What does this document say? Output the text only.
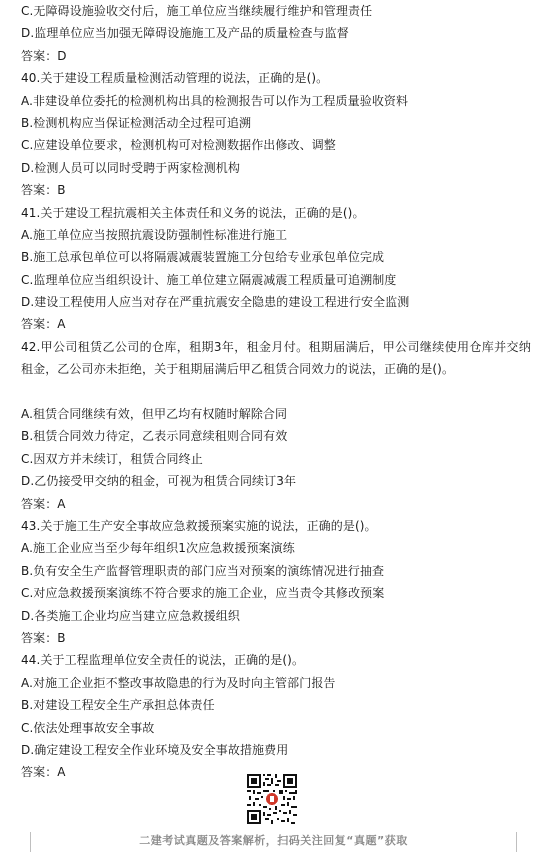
C.无障碍设施验收交付后，施工单位应当继续履行维护和管理责任
D.监理单位应当加强无障碍设施施工及产品的质量检查与监督
答案：D
40.关于建设工程质量检测活动管理的说法，正确的是()。
A.非建设单位委托的检测机构出具的检测报告可以作为工程质量验收资料
B.检测机构应当保证检测活动全过程可追溯
C.应建设单位要求，检测机构可对检测数据作出修改、调整
D.检测人员可以同时受聘于两家检测机构
答案：B
41.关于建设工程抗震相关主体责任和义务的说法，正确的是()。
A.施工单位应当按照抗震设防强制性标准进行施工
B.施工总承包单位可以将隔震减震装置施工分包给专业承包单位完成
C.监理单位应当组织设计、施工单位建立隔震减震工程质量可追溯制度
D.建设工程使用人应当对存在严重抗震安全隐患的建设工程进行安全监测
答案：A
42.甲公司租赁乙公司的仓库，租期3年，租金月付。租期届满后，甲公司继续使用仓库并交纳租金，乙公司亦未拒绝，关于租期届满后甲乙租赁合同效力的说法，正确的是()。
A.租赁合同继续有效，但甲乙均有权随时解除合同
B.租赁合同效力待定，乙表示同意续租则合同有效
C.因双方并未续订，租赁合同终止
D.乙仍接受甲交纳的租金，可视为租赁合同续订3年
答案：A
43.关于施工生产安全事故应急救援预案实施的说法，正确的是()。
A.施工企业应当至少每年组织1次应急救援预案演练
B.负有安全生产监督管理职责的部门应当对预案的演练情况进行抽查
C.对应急救援预案演练不符合要求的施工企业，应当责令其修改预案
D.各类施工企业均应当建立应急救援组织
答案：B
44.关于工程监理单位安全责任的说法，正确的是()。
A.对施工企业拒不整改事故隐患的行为及时向主管部门报告
B.对建设工程安全生产承担总体责任
C.依法处理事故安全事故
D.确定建设工程安全作业环境及安全事故措施费用
答案：A
二建考试真题及答案解析，扫码关注回复“真题”获取
